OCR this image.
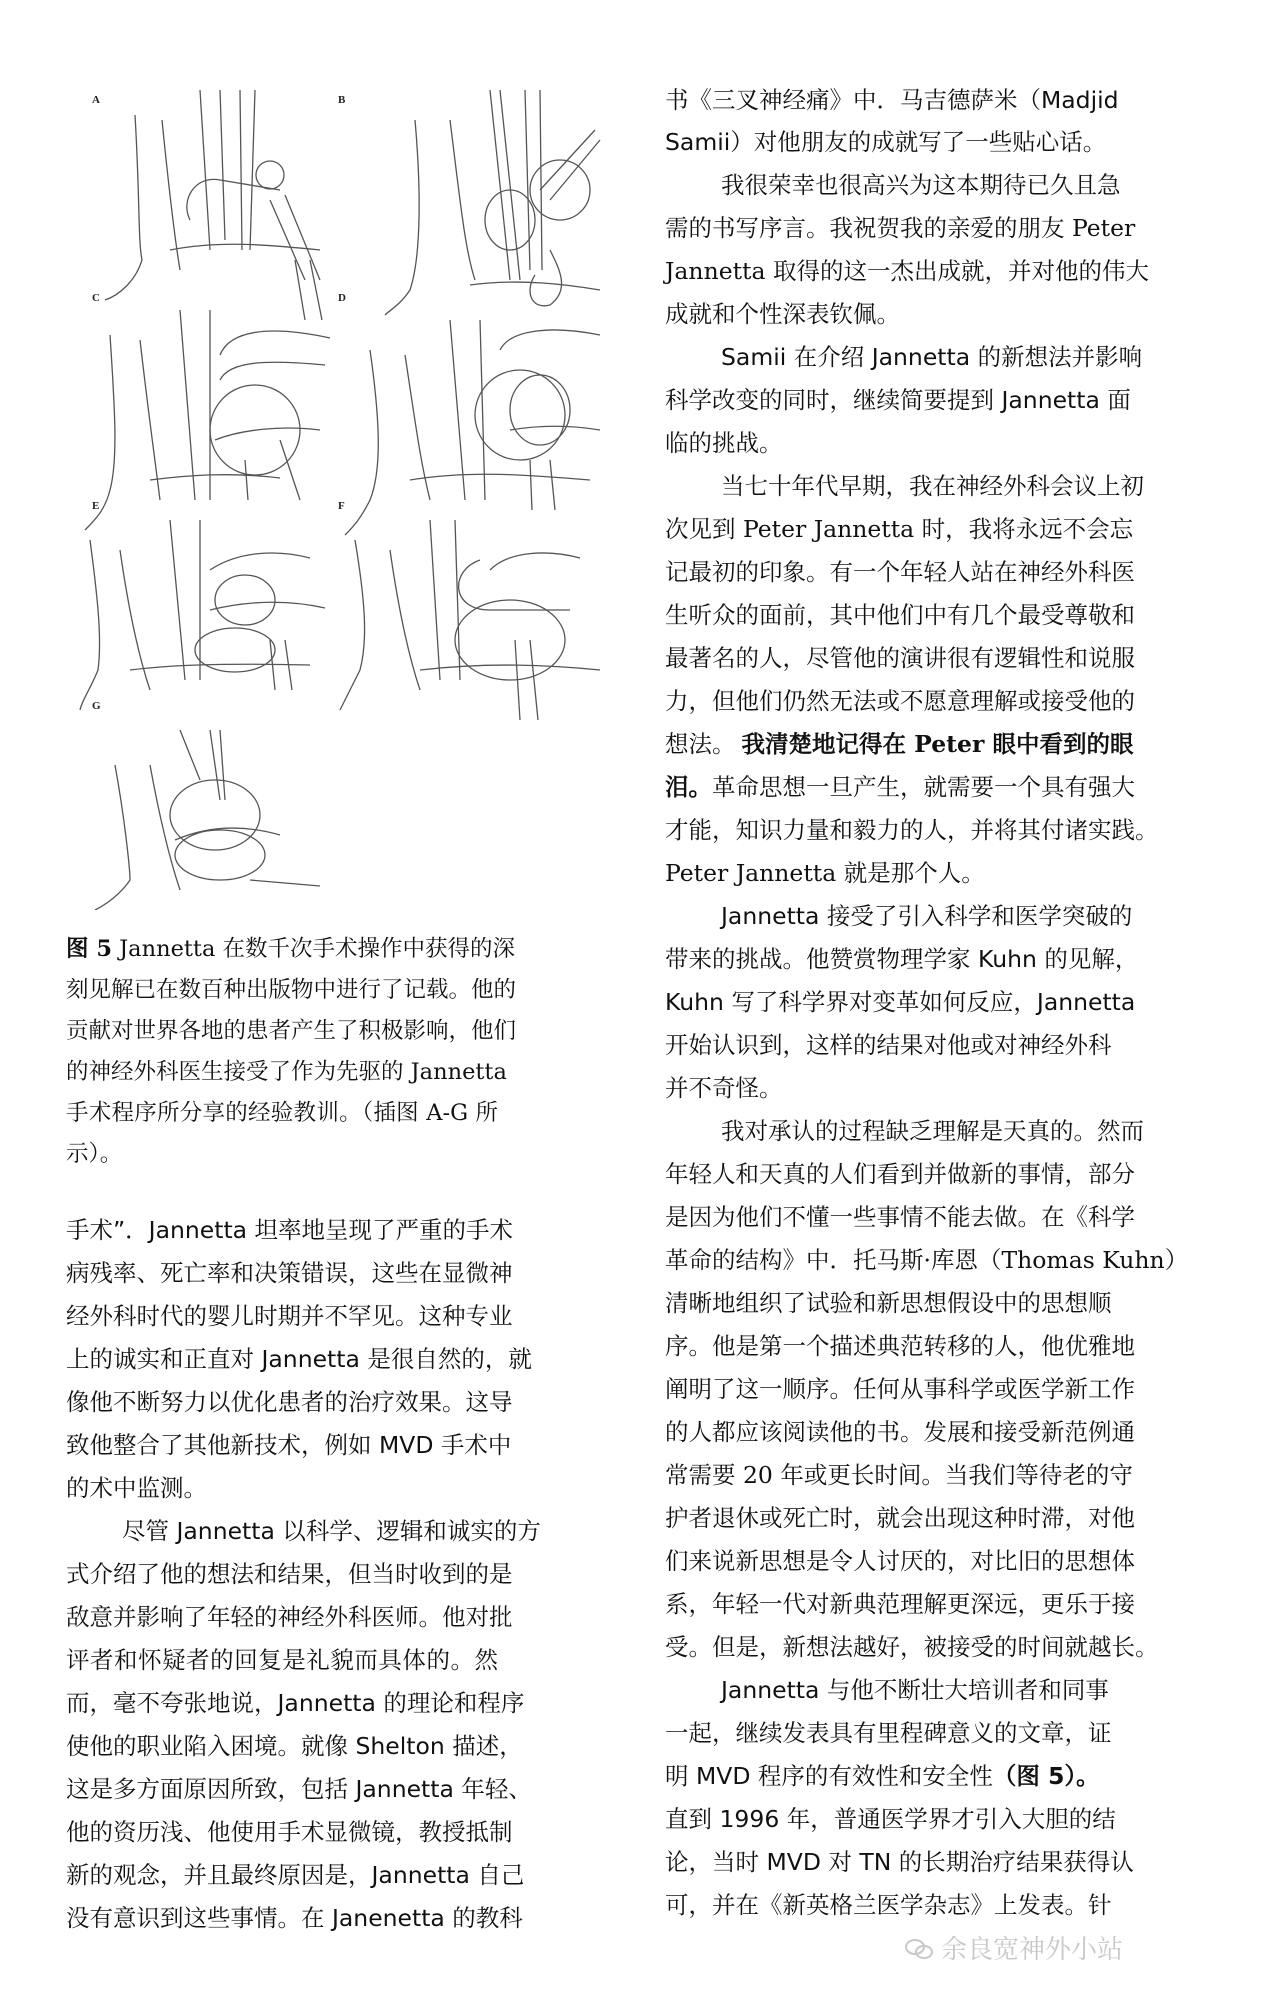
A	B
C	D
E	F
G
图 5 Jannetta 在数千次手术操作中获得的深
刻见解已在数百种出版物中进行了记载。他的
贡献对世界各地的患者产生了积极影响，他们
的神经外科医生接受了作为先驱的 Jannetta
手术程序所分享的经验教训。（插图 A-G 所
示）。
手术”．Jannetta 坦率地呈现了严重的手术
病残率、死亡率和决策错误，这些在显微神
经外科时代的婴儿时期并不罕见。这种专业
上的诚实和正直对 Jannetta 是很自然的，就
像他不断努力以优化患者的治疗效果。这导
致他整合了其他新技术，例如 MVD 手术中
的术中监测。
尽管 Jannetta 以科学、逻辑和诚实的方
式介绍了他的想法和结果，但当时收到的是
敌意并影响了年轻的神经外科医师。他对批
评者和怀疑者的回复是礼貌而具体的。然
而，毫不夸张地说，Jannetta 的理论和程序
使他的职业陷入困境。就像 Shelton 描述，
这是多方面原因所致，包括 Jannetta 年轻、
他的资历浅、他使用手术显微镜，教授抵制
新的观念，并且最终原因是，Jannetta 自己
没有意识到这些事情。在 Janenetta 的教科
书《三叉神经痛》中．马吉德萨米（Madjid
Samii）对他朋友的成就写了一些贴心话。
我很荣幸也很高兴为这本期待已久且急
需的书写序言。我祝贺我的亲爱的朋友 Peter
Jannetta 取得的这一杰出成就，并对他的伟大
成就和个性深表钦佩。
Samii 在介绍 Jannetta 的新想法并影响
科学改变的同时，继续简要提到 Jannetta 面
临的挑战。
当七十年代早期，我在神经外科会议上初
次见到 Peter Jannetta 时，我将永远不会忘
记最初的印象。有一个年轻人站在神经外科医
生听众的面前，其中他们中有几个最受尊敬和
最著名的人，尽管他的演讲很有逻辑性和说服
力，但他们仍然无法或不愿意理解或接受他的
想法。 我清楚地记得在 Peter 眼中看到的眼
泪。革命思想一旦产生，就需要一个具有强大
才能，知识力量和毅力的人，并将其付诸实践。
Peter Jannetta 就是那个人。
Jannetta 接受了引入科学和医学突破的
带来的挑战。他赞赏物理学家 Kuhn 的见解，
Kuhn 写了科学界对变革如何反应，Jannetta
开始认识到，这样的结果对他或对神经外科
并不奇怪。
我对承认的过程缺乏理解是天真的。然而
年轻人和天真的人们看到并做新的事情，部分
是因为他们不懂一些事情不能去做。在《科学
革命的结构》中．托马斯·库恩（Thomas Kuhn）
清晰地组织了试验和新思想假设中的思想顺
序。他是第一个描述典范转移的人，他优雅地
阐明了这一顺序。任何从事科学或医学新工作
的人都应该阅读他的书。发展和接受新范例通
常需要 20 年或更长时间。当我们等待老的守
护者退休或死亡时，就会出现这种时滞，对他
们来说新思想是令人讨厌的，对比旧的思想体
系，年轻一代对新典范理解更深远，更乐于接
受。但是，新想法越好，被接受的时间就越长。
Jannetta 与他不断壮大培训者和同事
一起，继续发表具有里程碑意义的文章，证
明 MVD 程序的有效性和安全性（图 5）。
直到 1996 年，普通医学界才引入大胆的结
论，当时 MVD 对 TN 的长期治疗结果获得认
可，并在《新英格兰医学杂志》上发表。针
余良宽神外小站
